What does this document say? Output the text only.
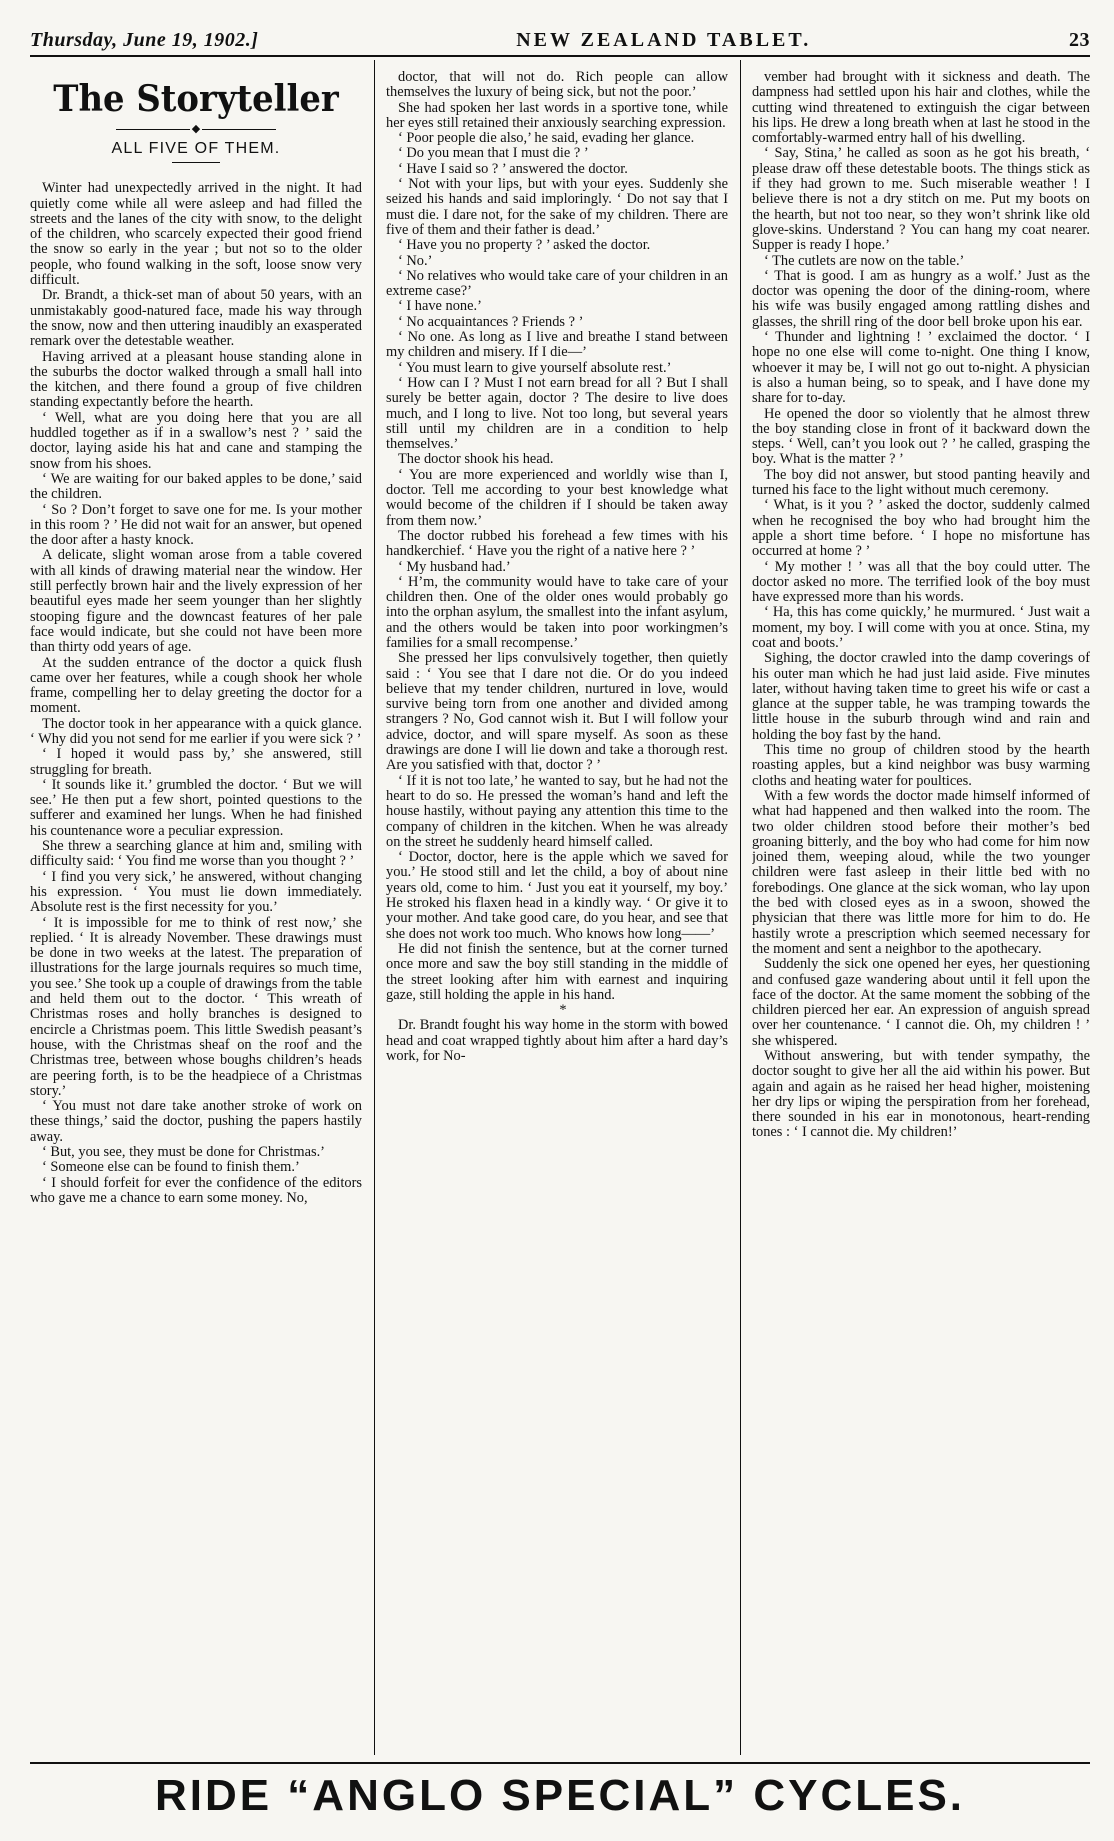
Thursday, June 19, 1902.]	NEW ZEALAND TABLET.	23
The Storyteller
◆
ALL FIVE OF THEM.

Winter had unexpectedly arrived in the night. It had quietly come while all were asleep and had filled the streets and the lanes of the city with snow, to the delight of the children, who scarcely expected their good friend the snow so early in the year ; but not so to the older people, who found walking in the soft, loose snow very difficult.

Dr. Brandt, a thick-set man of about 50 years, with an unmistakably good-natured face, made his way through the snow, now and then uttering inaudibly an exasperated remark over the detestable weather.

Having arrived at a pleasant house standing alone in the suburbs the doctor walked through a small hall into the kitchen, and there found a group of five children standing expectantly before the hearth.

‘ Well, what are you doing here that you are all huddled together as if in a swallow’s nest ? ’ said the doctor, laying aside his hat and cane and stamping the snow from his shoes.

‘ We are waiting for our baked apples to be done,’ said the children.

‘ So ? Don’t forget to save one for me. Is your mother in this room ? ’ He did not wait for an answer, but opened the door after a hasty knock.

A delicate, slight woman arose from a table covered with all kinds of drawing material near the window. Her still perfectly brown hair and the lively expression of her beautiful eyes made her seem younger than her slightly stooping figure and the downcast features of her pale face would indicate, but she could not have been more than thirty odd years of age.

At the sudden entrance of the doctor a quick flush came over her features, while a cough shook her whole frame, compelling her to delay greeting the doctor for a moment.

The doctor took in her appearance with a quick glance. ‘ Why did you not send for me earlier if you were sick ? ’

‘ I hoped it would pass by,’ she answered, still struggling for breath.

‘ It sounds like it.’ grumbled the doctor. ‘ But we will see.’ He then put a few short, pointed questions to the sufferer and examined her lungs. When he had finished his countenance wore a peculiar expression.

She threw a searching glance at him and, smiling with difficulty said: ‘ You find me worse than you thought ? ’

‘ I find you very sick,’ he answered, without changing his expression. ‘ You must lie down immediately. Absolute rest is the first necessity for you.’

‘ It is impossible for me to think of rest now,’ she replied. ‘ It is already November. These drawings must be done in two weeks at the latest. The preparation of illustrations for the large journals requires so much time, you see.’ She took up a couple of drawings from the table and held them out to the doctor. ‘ This wreath of Christmas roses and holly branches is designed to encircle a Christmas poem. This little Swedish peasant’s house, with the Christmas sheaf on the roof and the Christmas tree, between whose boughs children’s heads are peering forth, is to be the headpiece of a Christmas story.’

‘ You must not dare take another stroke of work on these things,’ said the doctor, pushing the papers hastily away.

‘ But, you see, they must be done for Christmas.’

‘ Someone else can be found to finish them.’

‘ I should forfeit for ever the confidence of the editors who gave me a chance to earn some money. No,

doctor, that will not do. Rich people can allow themselves the luxury of being sick, but not the poor.’

She had spoken her last words in a sportive tone, while her eyes still retained their anxiously searching expression.

‘ Poor people die also,’ he said, evading her glance.

‘ Do you mean that I must die ? ’

‘ Have I said so ? ’ answered the doctor.

‘ Not with your lips, but with your eyes. Suddenly she seized his hands and said imploringly. ‘ Do not say that I must die. I dare not, for the sake of my children. There are five of them and their father is dead.’

‘ Have you no property ? ’ asked the doctor.

‘ No.’

‘ No relatives who would take care of your children in an extreme case?’

‘ I have none.’

‘ No acquaintances ? Friends ? ’

‘ No one. As long as I live and breathe I stand between my children and misery. If I die—’

‘ You must learn to give yourself absolute rest.’

‘ How can I ? Must I not earn bread for all ? But I shall surely be better again, doctor ? The desire to live does much, and I long to live. Not too long, but several years still until my children are in a condition to help themselves.’

The doctor shook his head.

‘ You are more experienced and worldly wise than I, doctor. Tell me according to your best knowledge what would become of the children if I should be taken away from them now.’

The doctor rubbed his forehead a few times with his handkerchief. ‘ Have you the right of a native here ? ’

‘ My husband had.’

‘ H’m, the community would have to take care of your children then. One of the older ones would probably go into the orphan asylum, the smallest into the infant asylum, and the others would be taken into poor workingmen’s families for a small recompense.’

She pressed her lips convulsively together, then quietly said : ‘ You see that I dare not die. Or do you indeed believe that my tender children, nurtured in love, would survive being torn from one another and divided among strangers ? No, God cannot wish it. But I will follow your advice, doctor, and will spare myself. As soon as these drawings are done I will lie down and take a thorough rest. Are you satisfied with that, doctor ? ’

‘ If it is not too late,’ he wanted to say, but he had not the heart to do so. He pressed the woman’s hand and left the house hastily, without paying any attention this time to the company of children in the kitchen. When he was already on the street he suddenly heard himself called.

‘ Doctor, doctor, here is the apple which we saved for you.’ He stood still and let the child, a boy of about nine years old, come to him. ‘ Just you eat it yourself, my boy.’ He stroked his flaxen head in a kindly way. ‘ Or give it to your mother. And take good care, do you hear, and see that she does not work too much. Who knows how long——’

He did not finish the sentence, but at the corner turned once more and saw the boy still standing in the middle of the street looking after him with earnest and inquiring gaze, still holding the apple in his hand.

*

Dr. Brandt fought his way home in the storm with bowed head and coat wrapped tightly about him after a hard day’s work, for No-

vember had brought with it sickness and death. The dampness had settled upon his hair and clothes, while the cutting wind threatened to extinguish the cigar between his lips. He drew a long breath when at last he stood in the comfortably-warmed entry hall of his dwelling.

‘ Say, Stina,’ he called as soon as he got his breath, ‘ please draw off these detestable boots. The things stick as if they had grown to me. Such miserable weather ! I believe there is not a dry stitch on me. Put my boots on the hearth, but not too near, so they won’t shrink like old glove-skins. Understand ? You can hang my coat nearer. Supper is ready I hope.’

‘ The cutlets are now on the table.’

‘ That is good. I am as hungry as a wolf.’ Just as the doctor was opening the door of the dining-room, where his wife was busily engaged among rattling dishes and glasses, the shrill ring of the door bell broke upon his ear.

‘ Thunder and lightning ! ’ exclaimed the doctor. ‘ I hope no one else will come to-night. One thing I know, whoever it may be, I will not go out to-night. A physician is also a human being, so to speak, and I have done my share for to-day.

He opened the door so violently that he almost threw the boy standing close in front of it backward down the steps. ‘ Well, can’t you look out ? ’ he called, grasping the boy. What is the matter ? ’

The boy did not answer, but stood panting heavily and turned his face to the light without much ceremony.

‘ What, is it you ? ’ asked the doctor, suddenly calmed when he recognised the boy who had brought him the apple a short time before. ‘ I hope no misfortune has occurred at home ? ’

‘ My mother ! ’ was all that the boy could utter. The doctor asked no more. The terrified look of the boy must have expressed more than his words.

‘ Ha, this has come quickly,’ he murmured. ‘ Just wait a moment, my boy. I will come with you at once. Stina, my coat and boots.’

Sighing, the doctor crawled into the damp coverings of his outer man which he had just laid aside. Five minutes later, without having taken time to greet his wife or cast a glance at the supper table, he was tramping towards the little house in the suburb through wind and rain and holding the boy fast by the hand.

This time no group of children stood by the hearth roasting apples, but a kind neighbor was busy warming cloths and heating water for poultices.

With a few words the doctor made himself informed of what had happened and then walked into the room. The two older children stood before their mother’s bed groaning bitterly, and the boy who had come for him now joined them, weeping aloud, while the two younger children were fast asleep in their little bed with no forebodings. One glance at the sick woman, who lay upon the bed with closed eyes as in a swoon, showed the physician that there was little more for him to do. He hastily wrote a prescription which seemed necessary for the moment and sent a neighbor to the apothecary.

Suddenly the sick one opened her eyes, her questioning and confused gaze wandering about until it fell upon the face of the doctor. At the same moment the sobbing of the children pierced her ear. An expression of anguish spread over her countenance. ‘ I cannot die. Oh, my children ! ’ she whispered.

Without answering, but with tender sympathy, the doctor sought to give her all the aid within his power. But again and again as he raised her head higher, moistening her dry lips or wiping the perspiration from her forehead, there sounded in his ear in monotonous, heart-rending tones : ‘ I cannot die. My children!’

RIDE “ANGLO SPECIAL” CYCLES.
